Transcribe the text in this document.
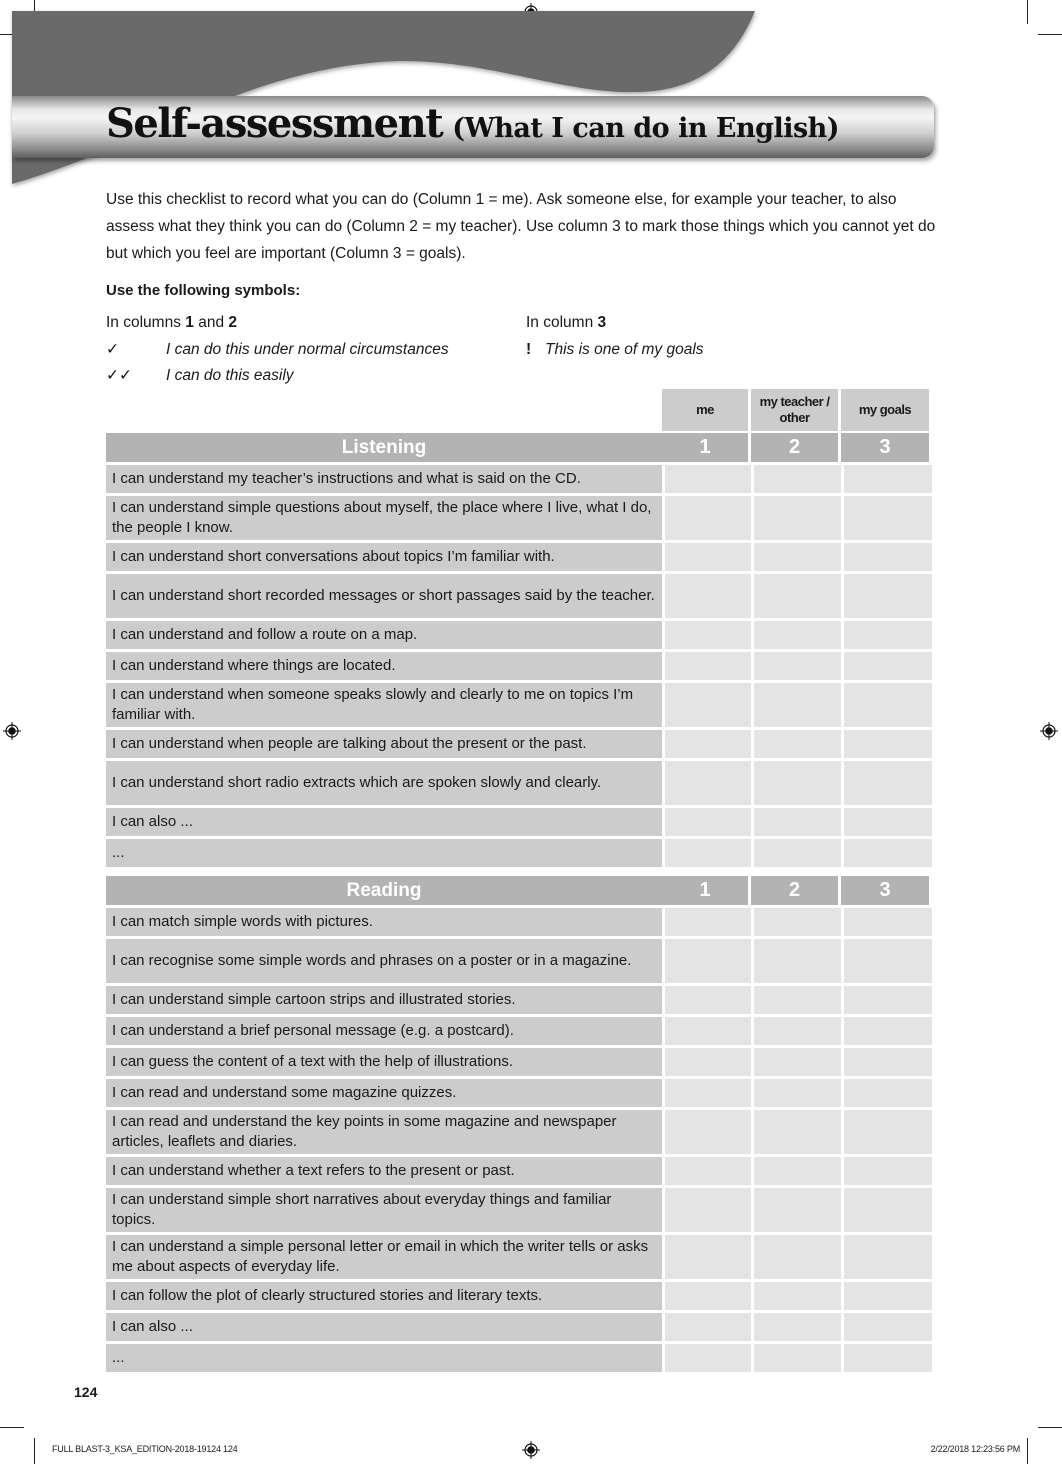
Self-assessment (What I can do in English)
Use this checklist to record what you can do (Column 1 = me). Ask someone else, for example your teacher, to also assess what they think you can do (Column 2 = my teacher). Use column 3 to mark those things which you cannot yet do but which you feel are important (Column 3 = goals).
Use the following symbols:
In columns 1 and 2
✓	I can do this under normal circumstances
✓✓ I can do this easily
In column 3
! This is one of my goals
me
my teacher / other
my goals
Listening	1	2	3
I can understand my teacher’s instructions and what is said on the CD.
I can understand simple questions about myself, the place where I live, what I do, the people I know.
I can understand short conversations about topics I’m familiar with.
I can understand short recorded messages or short passages said by the teacher.
I can understand and follow a route on a map.
I can understand where things are located.
I can understand when someone speaks slowly and clearly to me on topics I’m familiar with.
I can understand when people are talking about the present or the past.
I can understand short radio extracts which are spoken slowly and clearly.
I can also ...
...
Reading	1	2	3
I can match simple words with pictures.
I can recognise some simple words and phrases on a poster or in a magazine.
I can understand simple cartoon strips and illustrated stories.
I can understand a brief personal message (e.g. a postcard).
I can guess the content of a text with the help of illustrations.
I can read and understand some magazine quizzes.
I can read and understand the key points in some magazine and newspaper articles, leaflets and diaries.
I can understand whether a text refers to the present or past.
I can understand simple short narratives about everyday things and familiar topics.
I can understand a simple personal letter or email in which the writer tells or asks me about aspects of everyday life.
I can follow the plot of clearly structured stories and literary texts.
I can also ...
...
124
FULL BLAST-3_KSA_EDITION-2018-19124 124	2/22/2018 12:23:56 PM
